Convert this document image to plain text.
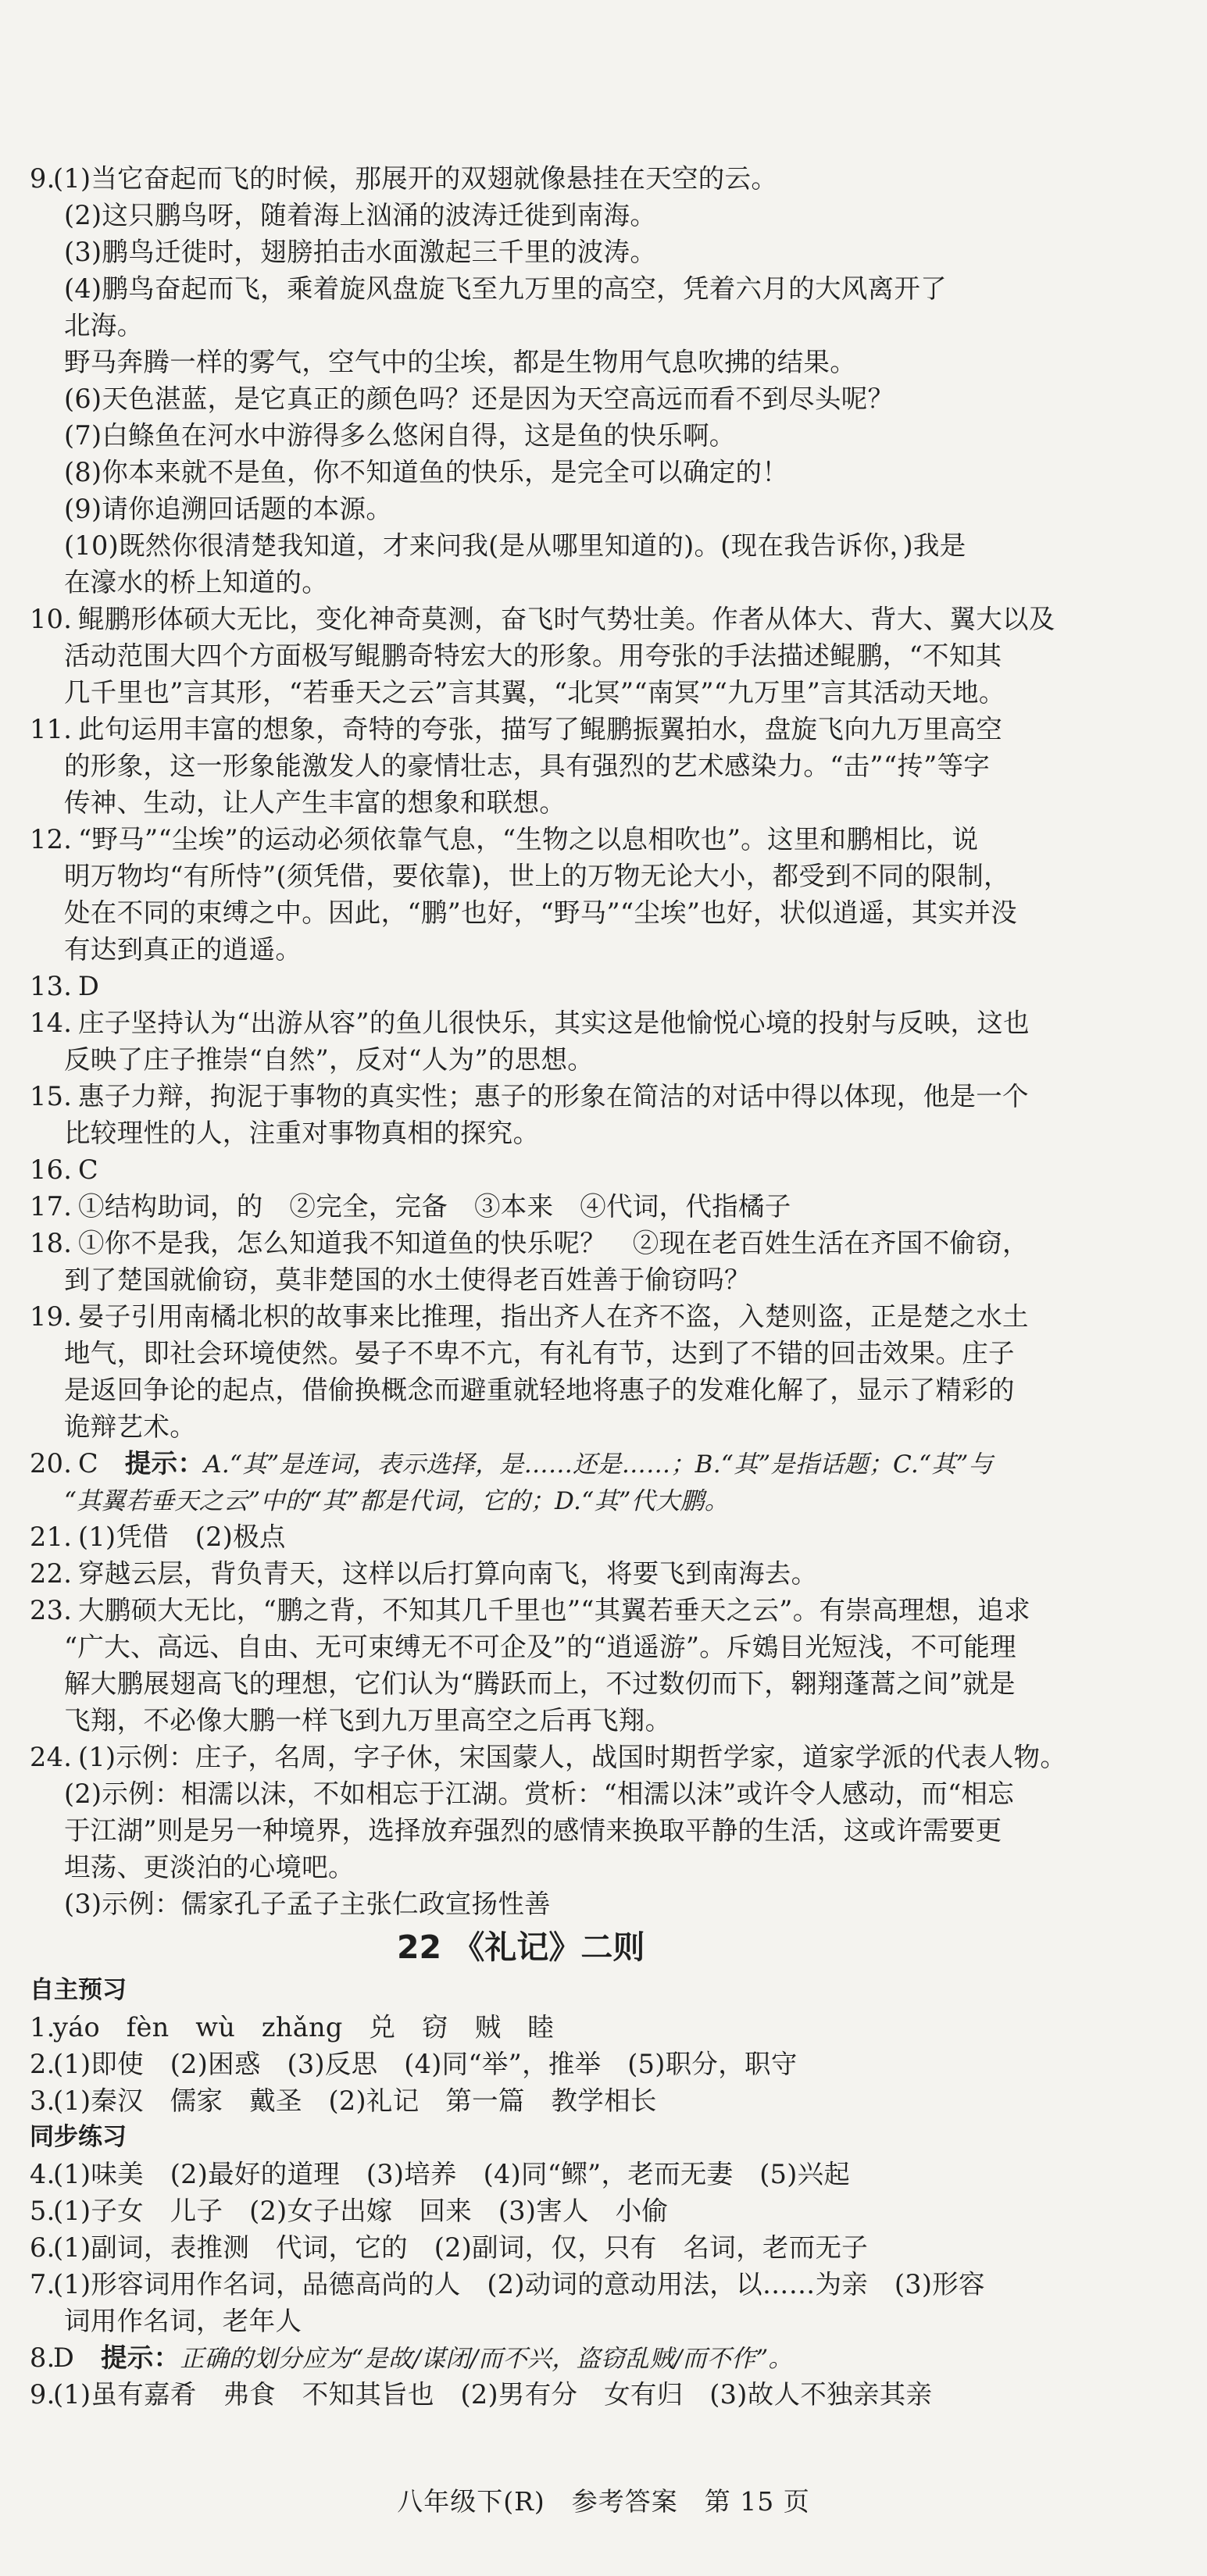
9.
(1)当它奋起而飞的时候，那展开的双翅就像悬挂在天空的云。
(2)这只鹏鸟呀，随着海上汹涌的波涛迁徙到南海。
(3)鹏鸟迁徙时，翅膀拍击水面激起三千里的波涛。
(4)鹏鸟奋起而飞，乘着旋风盘旋飞至九万里的高空，凭着六月的大风离开了
北海。
野马奔腾一样的雾气，空气中的尘埃，都是生物用气息吹拂的结果。
(6)天色湛蓝，是它真正的颜色吗？还是因为天空高远而看不到尽头呢？
(7)白鲦鱼在河水中游得多么悠闲自得，这是鱼的快乐啊。
(8)你本来就不是鱼，你不知道鱼的快乐，是完全可以确定的！
(9)请你追溯回话题的本源。
(10)既然你很清楚我知道，才来问我(是从哪里知道的)。(现在我告诉你，)我是
在濠水的桥上知道的。
10. 鲲鹏形体硕大无比，变化神奇莫测，奋飞时气势壮美。作者从体大、背大、翼大以及
活动范围大四个方面极写鲲鹏奇特宏大的形象。用夸张的手法描述鲲鹏，“不知其
几千里也”言其形，“若垂天之云”言其翼，“北冥”“南冥”“九万里”言其活动天地。
11. 此句运用丰富的想象，奇特的夸张，描写了鲲鹏振翼拍水，盘旋飞向九万里高空
的形象，这一形象能激发人的豪情壮志，具有强烈的艺术感染力。“击”“抟”等字
传神、生动，让人产生丰富的想象和联想。
12. “野马”“尘埃”的运动必须依靠气息，“生物之以息相吹也”。这里和鹏相比，说
明万物均“有所恃”(须凭借，要依靠)，世上的万物无论大小，都受到不同的限制，
处在不同的束缚之中。因此，“鹏”也好，“野马”“尘埃”也好，状似逍遥，其实并没
有达到真正的逍遥。
13. D
14. 庄子坚持认为“出游从容”的鱼儿很快乐，其实这是他愉悦心境的投射与反映，这也
反映了庄子推崇“自然”，反对“人为”的思想。
15. 惠子力辩，拘泥于事物的真实性；惠子的形象在简洁的对话中得以体现，他是一个
比较理性的人，注重对事物真相的探究。
16. C
17. ①结构助词，的　②完全，完备　③本来　④代词，代指橘子
18. ①你不是我，怎么知道我不知道鱼的快乐呢？　②现在老百姓生活在齐国不偷窃，
到了楚国就偷窃，莫非楚国的水土使得老百姓善于偷窃吗？
19. 晏子引用南橘北枳的故事来比推理，指出齐人在齐不盗，入楚则盗，正是楚之水土
地气，即社会环境使然。晏子不卑不亢，有礼有节，达到了不错的回击效果。庄子
是返回争论的起点，借偷换概念而避重就轻地将惠子的发难化解了，显示了精彩的
诡辩艺术。
20. C　提示：A.“其”是连词，表示选择，是……还是……；B.“其”是指话题；C.“其”与
“其翼若垂天之云”中的“其”都是代词，它的；D.“其”代大鹏。
21. (1)凭借　(2)极点
22. 穿越云层，背负青天，这样以后打算向南飞，将要飞到南海去。
23. 大鹏硕大无比，“鹏之背，不知其几千里也”“其翼若垂天之云”。有崇高理想，追求
“广大、高远、自由、无可束缚无不可企及”的“逍遥游”。斥鴳目光短浅，不可能理
解大鹏展翅高飞的理想，它们认为“腾跃而上，不过数仞而下，翱翔蓬蒿之间”就是
飞翔，不必像大鹏一样飞到九万里高空之后再飞翔。
24. (1)示例：庄子，名周，字子休，宋国蒙人，战国时期哲学家，道家学派的代表人物。
(2)示例：相濡以沫，不如相忘于江湖。赏析：“相濡以沫”或许令人感动，而“相忘
于江湖”则是另一种境界，选择放弃强烈的感情来换取平静的生活，这或许需要更
坦荡、更淡泊的心境吧。
(3)示例：儒家孔子孟子主张仁政宣扬性善
22 《礼记》二则
自主预习
1.
yáo　fèn　wù　zhǎng　兑　窃　贼　睦
2.
(1)即使　(2)困惑　(3)反思　(4)同“举”，推举　(5)职分，职守
3.
(1)秦汉　儒家　戴圣　(2)礼记　第一篇　教学相长
同步练习
4.
(1)味美　(2)最好的道理　(3)培养　(4)同“鳏”，老而无妻　(5)兴起
5.
(1)子女　儿子　(2)女子出嫁　回来　(3)害人　小偷
6.
(1)副词，表推测　代词，它的　(2)副词，仅，只有　名词，老而无子
7.
(1)形容词用作名词，品德高尚的人　(2)动词的意动用法，以……为亲　(3)形容
词用作名词，老年人
8.
D　提示：正确的划分应为“是故/谋闭/而不兴，盗窃乱贼/而不作”。
9.
(1)虽有嘉肴　弗食　不知其旨也　(2)男有分　女有归　(3)故人不独亲其亲
八年级下(R)　参考答案　第 15 页
